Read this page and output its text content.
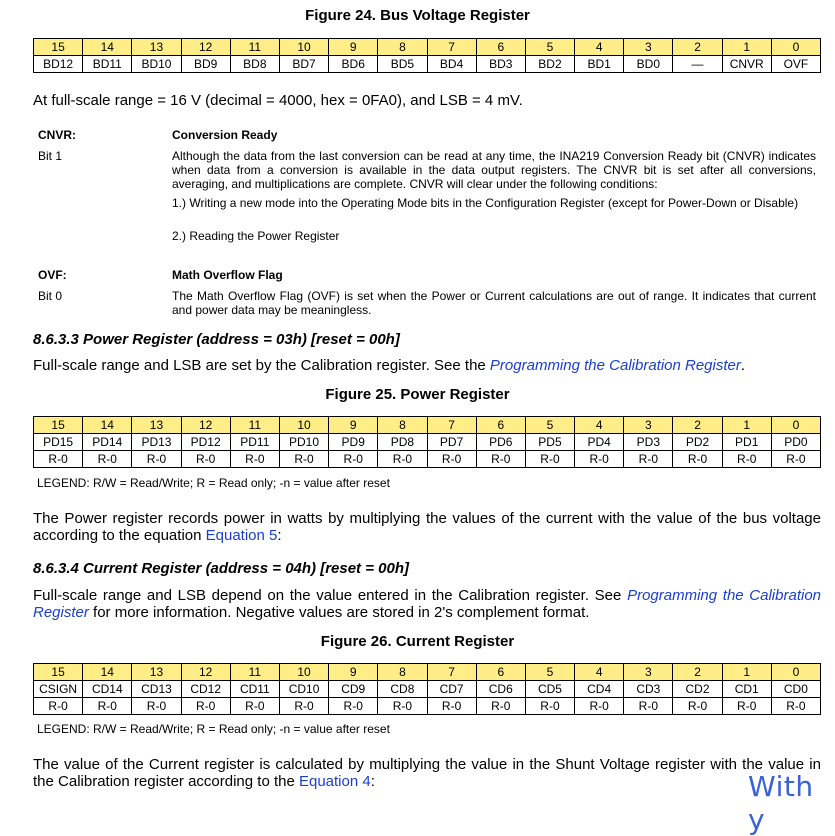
Figure 24. Bus Voltage Register
15	14	13	12	11	10	9	8	7	6	5	4	3	2	1	0
BD12	BD11	BD10	BD9	BD8	BD7	BD6	BD5	BD4	BD3	BD2	BD1	BD0	—	CNVR	OVF

At full-scale range = 16 V (decimal = 4000, hex = 0FA0), and LSB = 4 mV.

CNVR:	Conversion Ready
Bit 1	Although the data from the last conversion can be read at any time, the INA219 Conversion Ready bit (CNVR) indicates when data from a conversion is available in the data output registers. The CNVR bit is set after all conversions, averaging, and multiplications are complete. CNVR will clear under the following conditions:

1.) Writing a new mode into the Operating Mode bits in the Configuration Register (except for Power-Down or Disable)

2.) Reading the Power Register

OVF:	Math Overflow Flag
Bit 0	The Math Overflow Flag (OVF) is set when the Power or Current calculations are out of range. It indicates that current and power data may be meaningless.

8.6.3.3 Power Register (address = 03h) [reset = 00h]

Full-scale range and LSB are set by the Calibration register. See the Programming the Calibration Register.

Figure 25. Power Register
15	14	13	12	11	10	9	8	7	6	5	4	3	2	1	0
PD15	PD14	PD13	PD12	PD11	PD10	PD9	PD8	PD7	PD6	PD5	PD4	PD3	PD2	PD1	PD0
R-0	R-0	R-0	R-0	R-0	R-0	R-0	R-0	R-0	R-0	R-0	R-0	R-0	R-0	R-0	R-0
LEGEND: R/W = Read/Write; R = Read only; -n = value after reset

The Power register records power in watts by multiplying the values of the current with the value of the bus voltage according to the equation Equation 5:

8.6.3.4 Current Register (address = 04h) [reset = 00h]

Full-scale range and LSB depend on the value entered in the Calibration register. See Programming the Calibration Register for more information. Negative values are stored in 2's complement format.

Figure 26. Current Register
15	14	13	12	11	10	9	8	7	6	5	4	3	2	1	0
CSIGN	CD14	CD13	CD12	CD11	CD10	CD9	CD8	CD7	CD6	CD5	CD4	CD3	CD2	CD1	CD0
R-0	R-0	R-0	R-0	R-0	R-0	R-0	R-0	R-0	R-0	R-0	R-0	R-0	R-0	R-0	R-0
LEGEND: R/W = Read/Write; R = Read only; -n = value after reset

The value of the Current register is calculated by multiplying the value in the Shunt Voltage register with the value in the Calibration register according to the Equation 4:	With y
